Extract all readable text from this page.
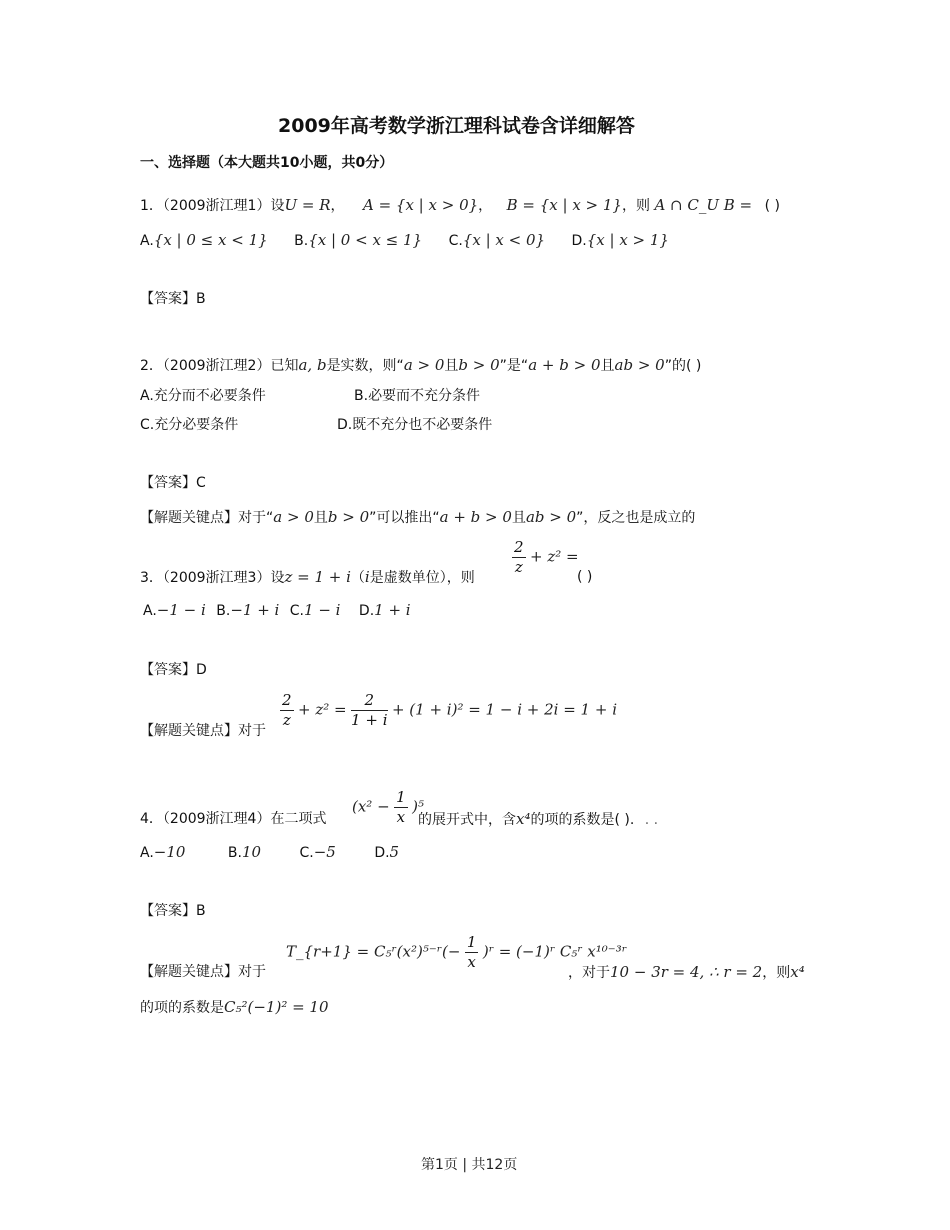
2009年高考数学浙江理科试卷含详细解答
一、选择题（本大题共10小题，共0分）
1．（2009浙江理1）设U = R， A = {x | x > 0}， B = {x | x > 1}，则 A ∩ C_U B = ( )
A.{x | 0 ≤ x < 1} B.{x | 0 < x ≤ 1} C.{x | x < 0} D.{x | x > 1}
【答案】B
2．（2009浙江理2）已知a, b是实数，则“a > 0且b > 0”是“a + b > 0且ab > 0”的( )
A.充分而不必要条件	B.必要而不充分条件
C.充分必要条件	D.既不充分也不必要条件
【答案】C
【解题关键点】对于“a > 0且b > 0”可以推出“a + b > 0且ab > 0”，反之也是成立的
3．（2009浙江理3）设z = 1 + i（i是虚数单位），则
$\frac{2}{z} + z^2$ =
( )
A.−1 − i B.−1 + i C.1 − i D.1 + i
【答案】D
【解题关键点】对于
$\frac{2}{z} + z^2 = \frac{2}{1 + i} + (1 + i)^2 = 1 - i + 2i = 1 + i$
4．（2009浙江理4）在二项式
$(x^2 - \frac{1}{x} )^5$
的展开式中，含x⁴的项的系数是( ). . .
A.−10	B.10	C.−5	D.5
【答案】B
【解题关键点】对于
T_{r+1} = C₅ʳ(x²)⁵⁻ʳ(− $\frac{1}{x}$ )ʳ = (−1)ʳ C₅ʳ x¹⁰⁻³ʳ
，对于10 − 3r = 4, ∴ r = 2，则x⁴
的项的系数是C₅²(−1)² = 10
第1页 | 共12页
